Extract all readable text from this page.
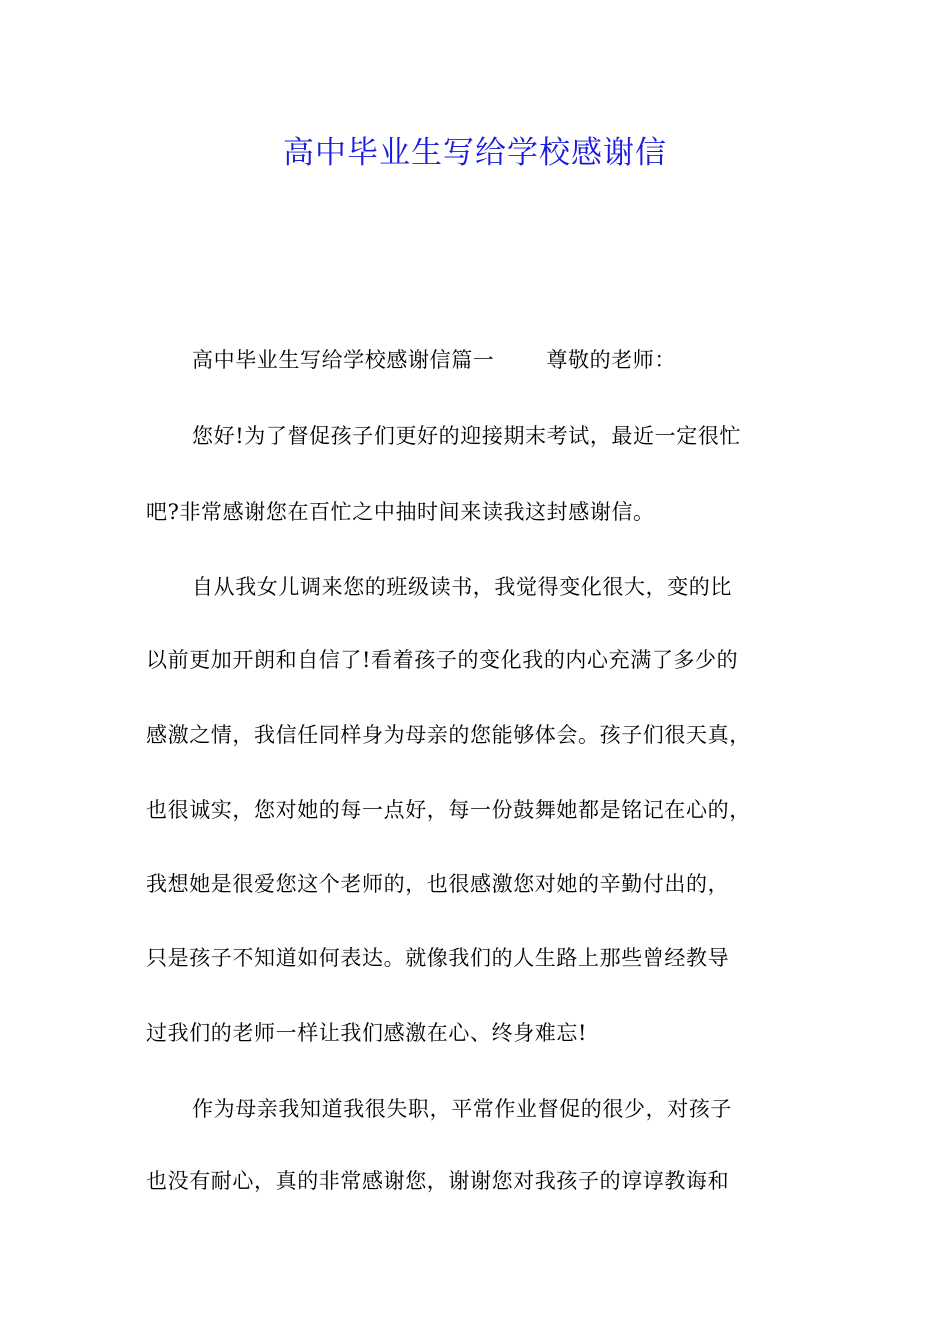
高中毕业生写给学校感谢信

高中毕业生写给学校感谢信篇一 尊敬的老师：

您好!为了督促孩子们更好的迎接期末考试，最近一定很忙

吧?非常感谢您在百忙之中抽时间来读我这封感谢信。

自从我女儿调来您的班级读书，我觉得变化很大，变的比

以前更加开朗和自信了!看着孩子的变化我的内心充满了多少的

感激之情，我信任同样身为母亲的您能够体会。孩子们很天真，

也很诚实，您对她的每一点好，每一份鼓舞她都是铭记在心的，

我想她是很爱您这个老师的，也很感激您对她的辛勤付出的，

只是孩子不知道如何表达。就像我们的人生路上那些曾经教导

过我们的老师一样让我们感激在心、终身难忘!

作为母亲我知道我很失职，平常作业督促的很少，对孩子

也没有耐心，真的非常感谢您，谢谢您对我孩子的谆谆教诲和
